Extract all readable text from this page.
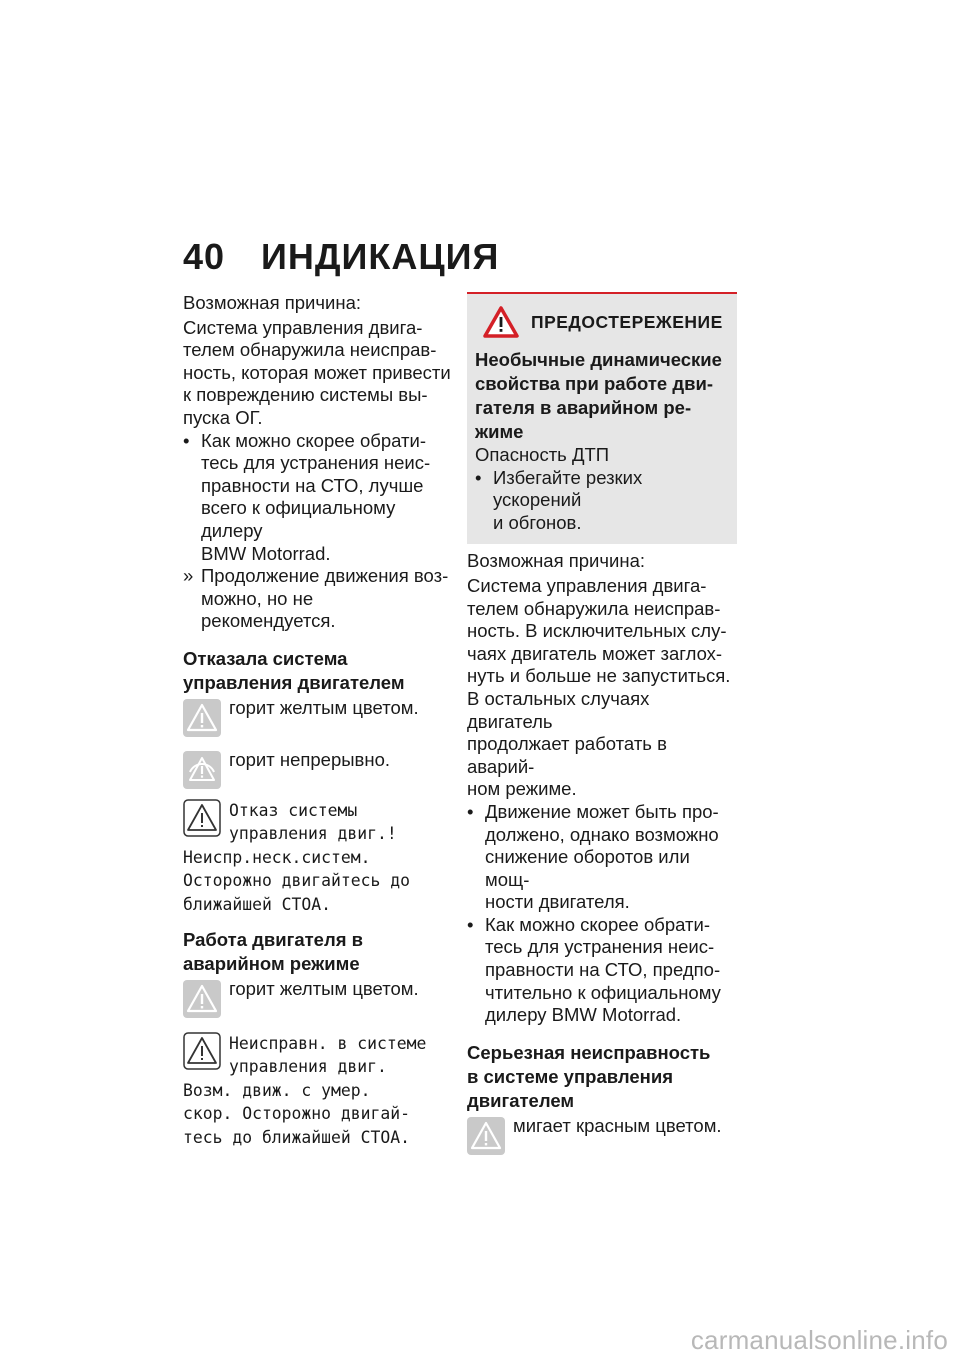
40 ИНДИКАЦИЯ

Возможная причина:

Система управления двига-
телем обнаружила неисправ-
ность, которая может привести
к повреждению системы вы-
пуска ОГ.
• Как можно скорее обрати-
тесь для устранения неис-
правности на СТО, лучше
всего к официальному дилеру
BMW Motorrad.
» Продолжение движения воз-
можно, но не рекомендуется.
Отказала система
управления двигателем
горит желтым цветом.
горит непрерывно.
Отказ системы
управления двиг.!
Неиспр.неск.систем.
Осторожно двигайтесь до
ближайшей СТОА.
Работа двигателя в
аварийном режиме
горит желтым цветом.
Неисправн. в системе
управления двиг.
Возм. движ. с умер.
скор. Осторожно двигай-
тесь до ближайшей СТОА.
ПРЕДОСТЕРЕЖЕНИЕ
Необычные динамические
свойства при работе дви-
гателя в аварийном ре-
жиме
Опасность ДТП
• Избегайте резких ускорений
и обгонов.

Возможная причина:

Система управления двига-
телем обнаружила неисправ-
ность. В исключительных слу-
чаях двигатель может заглох-
нуть и больше не запуститься.
В остальных случаях двигатель
продолжает работать в аварий-
ном режиме.
• Движение может быть про-
должено, однако возможно
снижение оборотов или мощ-
ности двигателя.
• Как можно скорее обрати-
тесь для устранения неис-
правности на СТО, предпо-
чтительно к официальному
дилеру BMW Motorrad.
Серьезная неисправность
в системе управления
двигателем
мигает красным цветом.
carmanualsonline.info
